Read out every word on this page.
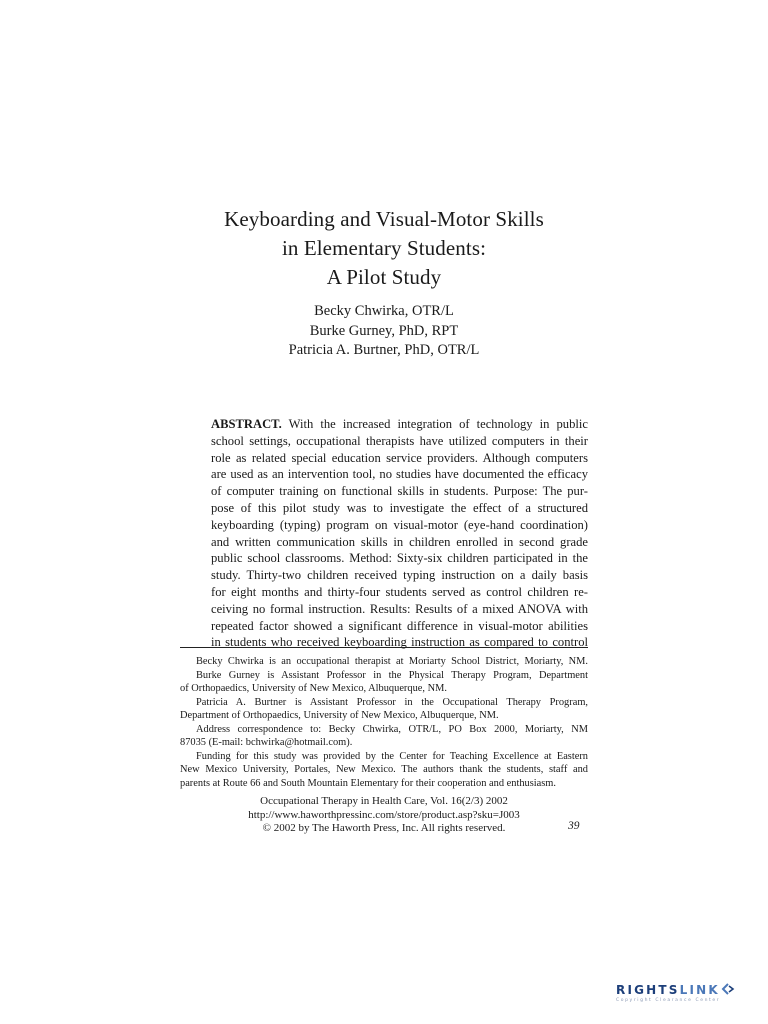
Keyboarding and Visual-Motor Skills
in Elementary Students:
A Pilot Study
Becky Chwirka, OTR/L
Burke Gurney, PhD, RPT
Patricia A. Burtner, PhD, OTR/L
ABSTRACT. With the increased integration of technology in public
school settings, occupational therapists have utilized computers in their
role as related special education service providers. Although computers
are used as an intervention tool, no studies have documented the efficacy
of computer training on functional skills in students. Purpose: The pur-
pose of this pilot study was to investigate the effect of a structured
keyboarding (typing) program on visual-motor (eye-hand coordination)
and written communication skills in children enrolled in second grade
public school classrooms. Method: Sixty-six children participated in the
study. Thirty-two children received typing instruction on a daily basis
for eight months and thirty-four students served as control children re-
ceiving no formal instruction. Results: Results of a mixed ANOVA with
repeated factor showed a significant difference in visual-motor abilities
in students who received keyboarding instruction as compared to control
Becky Chwirka is an occupational therapist at Moriarty School District, Moriarty, NM.
Burke Gurney is Assistant Professor in the Physical Therapy Program, Department
of Orthopaedics, University of New Mexico, Albuquerque, NM.
Patricia A. Burtner is Assistant Professor in the Occupational Therapy Program,
Department of Orthopaedics, University of New Mexico, Albuquerque, NM.
Address correspondence to: Becky Chwirka, OTR/L, PO Box 2000, Moriarty, NM
87035 (E-mail: bchwirka@hotmail.com).
Funding for this study was provided by the Center for Teaching Excellence at Eastern
New Mexico University, Portales, New Mexico. The authors thank the students, staff and
parents at Route 66 and South Mountain Elementary for their cooperation and enthusiasm.
Occupational Therapy in Health Care, Vol. 16(2/3) 2002
http://www.haworthpressinc.com/store/product.asp?sku=J003
© 2002 by The Haworth Press, Inc. All rights reserved.	39
RIGHTSLINK
Copyright Clearance Center
